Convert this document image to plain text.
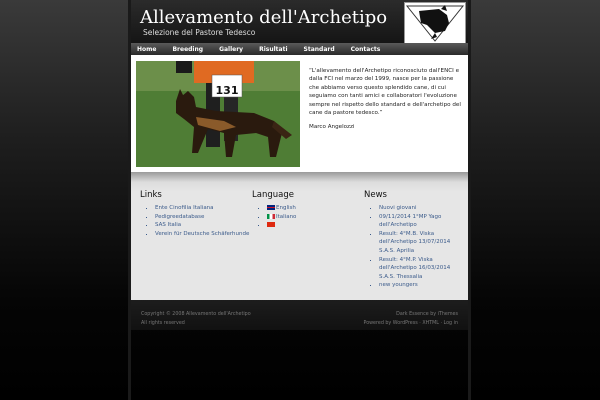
Allevamento dell'Archetipo
Selezione del Pastore Tedesco
Home	Breeding	Gallery	Risultati	Standard	Contacts
131
“L'allevamento dell'Archetipo riconosciuto dall'ENCI e dalla FCI nel marzo del 1999, nasce per la passione che abbiamo verso questo splendido cane, di cui seguiamo con tanti amici e collaboratori l'evoluzione sempre nel rispetto dello standard e dell'archetipo del cane da pastore tedesco.”
Marco Angelozzi
Links
▪ Ente Cinofilia Italiana
▪ Pedigreedatabase
▪ SAS Italia
▪ Verein für Deutsche Schäferhunde
Language
▪ English
▪ Italiano
▪
News
▪ Nuovi giovani
▪ 09/11/2014 1°MP Yago dell'Archetipo
▪ Result: 4°M.B. Viska dell'Archetipo 13/07/2014 S.A.S. Aprilia
▪ Result: 4°M.P. Viska dell'Archetipo 16/03/2014 S.A.S. Thessalia
▪ new youngers
Copyright © 2008 Allevamento dell'Archetipo
All rights reserved
Dark Essence by iThemes
Powered by WordPress · XHTML · Log in
